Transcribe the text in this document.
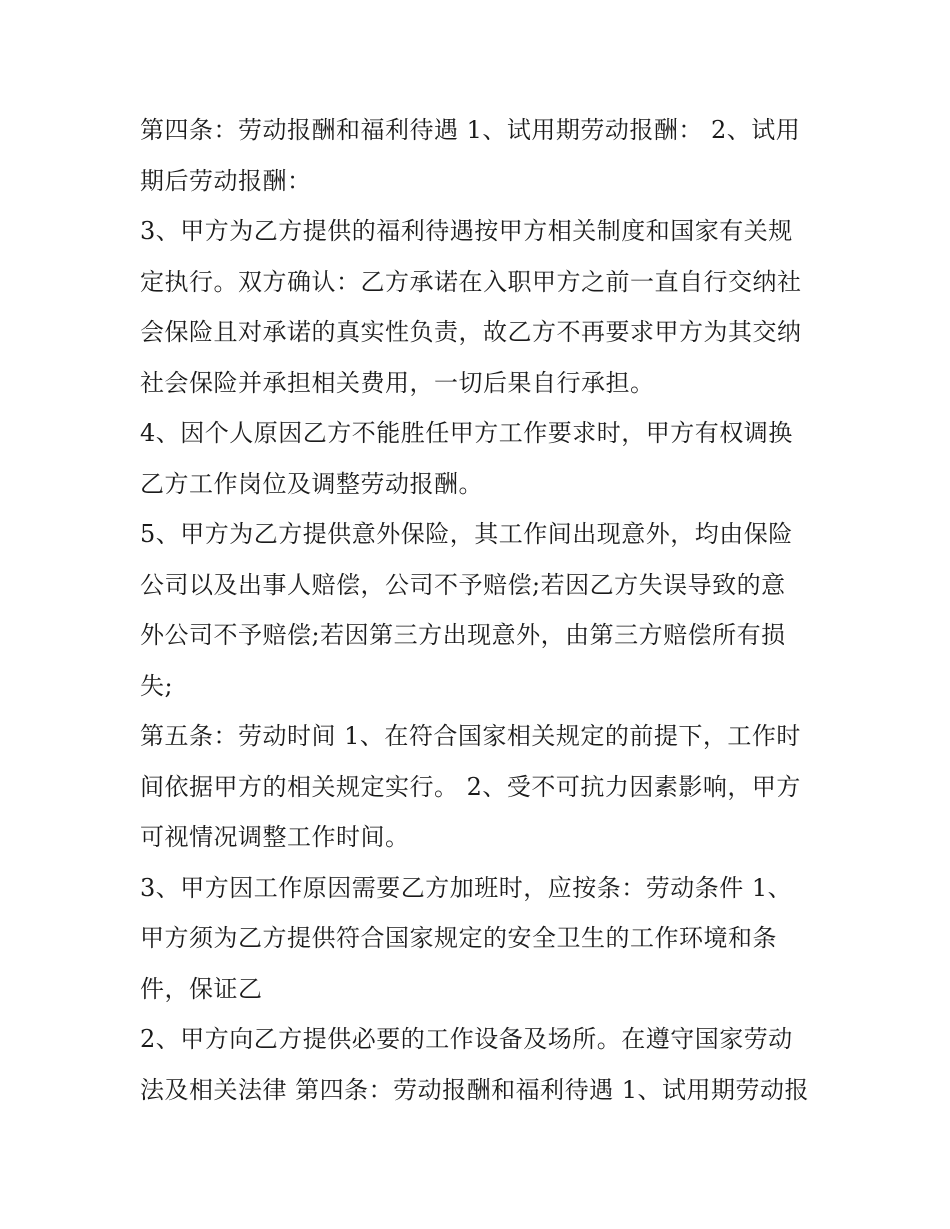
第四条：劳动报酬和福利待遇 1、试用期劳动报酬： 2、试用
期后劳动报酬：
3、甲方为乙方提供的福利待遇按甲方相关制度和国家有关规
定执行。双方确认：乙方承诺在入职甲方之前一直自行交纳社
会保险且对承诺的真实性负责，故乙方不再要求甲方为其交纳
社会保险并承担相关费用，一切后果自行承担。
4、因个人原因乙方不能胜任甲方工作要求时，甲方有权调换
乙方工作岗位及调整劳动报酬。
5、甲方为乙方提供意外保险，其工作间出现意外，均由保险
公司以及出事人赔偿，公司不予赔偿;若因乙方失误导致的意
外公司不予赔偿;若因第三方出现意外，由第三方赔偿所有损
失;
第五条：劳动时间 1、在符合国家相关规定的前提下，工作时
间依据甲方的相关规定实行。 2、受不可抗力因素影响，甲方
可视情况调整工作时间。
3、甲方因工作原因需要乙方加班时，应按条：劳动条件 1、
甲方须为乙方提供符合国家规定的安全卫生的工作环境和条
件，保证乙
2、甲方向乙方提供必要的工作设备及场所。在遵守国家劳动
法及相关法律 第四条：劳动报酬和福利待遇 1、试用期劳动报
